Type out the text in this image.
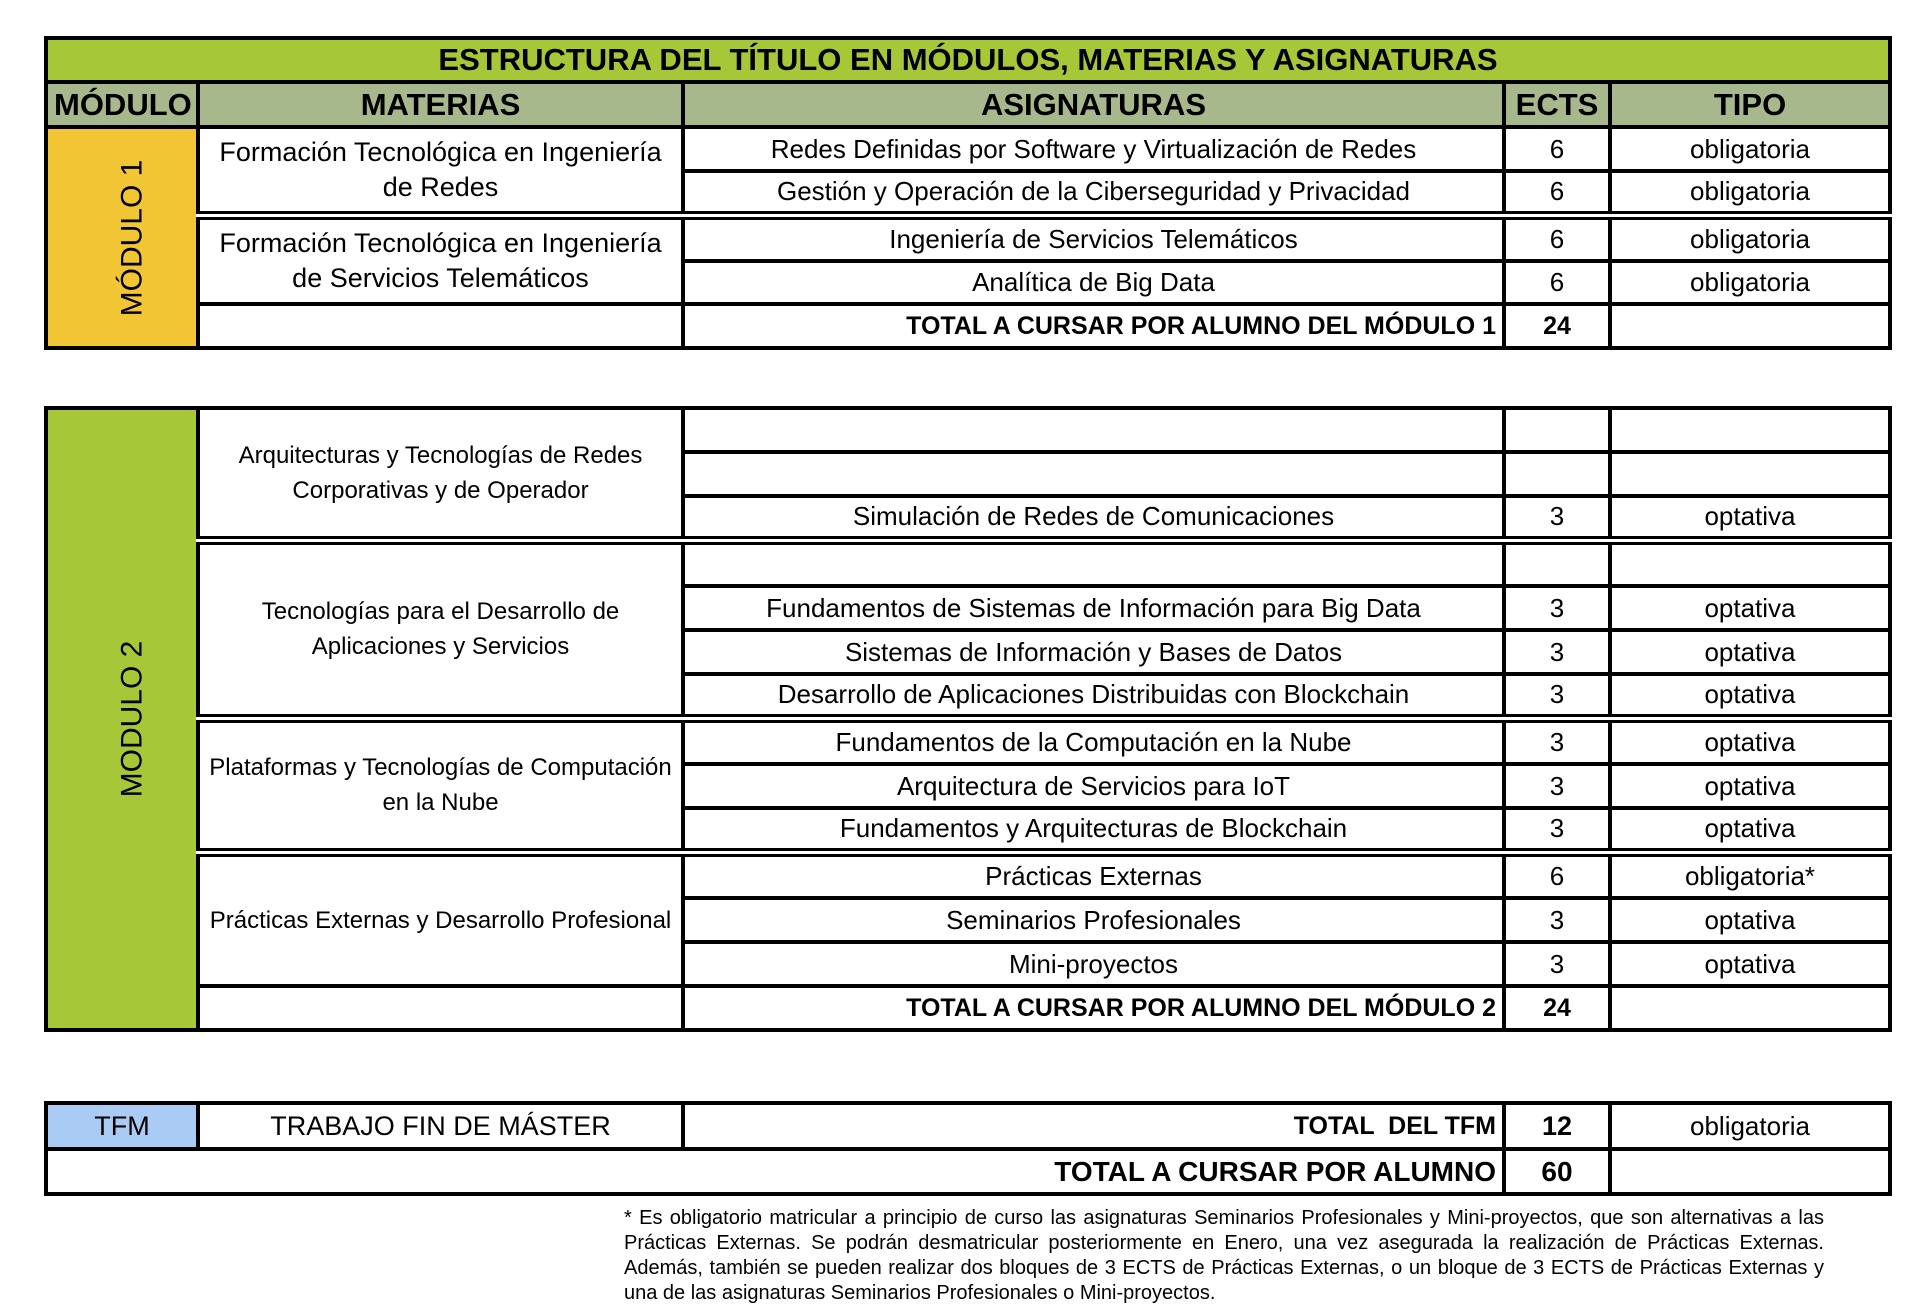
ESTRUCTURA DEL TÍTULO EN MÓDULOS, MATERIAS Y ASIGNATURAS				
MÓDULO	MATERIAS	ASIGNATURAS	ECTS	TIPO
MÓDULO 1	Formación Tecnológica en Ingeniería de Redes	Redes Definidas por Software y Virtualización de Redes	6	obligatoria
		Gestión y Operación de la Ciberseguridad y Privacidad	6	obligatoria
	Formación Tecnológica en Ingeniería de Servicios Telemáticos	Ingeniería de Servicios Telemáticos	6	obligatoria
		Analítica de Big Data	6	obligatoria
		TOTAL A CURSAR POR ALUMNO DEL MÓDULO 1	24	
MODULO 2	Arquitecturas y Tecnologías de Redes Corporativas y de Operador			

		Simulación de Redes de Comunicaciones	3	optativa
	Tecnologías para el Desarrollo de Aplicaciones y Servicios			
		Fundamentos de Sistemas de Información para Big Data	3	optativa
		Sistemas de Información y Bases de Datos	3	optativa
		Desarrollo de Aplicaciones Distribuidas con Blockchain	3	optativa
	Plataformas y Tecnologías de Computación en la Nube	Fundamentos de la Computación en la Nube	3	optativa
		Arquitectura de Servicios para IoT	3	optativa
		Fundamentos y Arquitecturas de Blockchain	3	optativa
	Prácticas Externas y Desarrollo Profesional	Prácticas Externas	6	obligatoria*
		Seminarios Profesionales	3	optativa
		Mini-proyectos	3	optativa
		TOTAL A CURSAR POR ALUMNO DEL MÓDULO 2	24	
TFM	TRABAJO FIN DE MÁSTER	TOTAL  DEL TFM	12	obligatoria
TOTAL A CURSAR POR ALUMNO			60	
* Es obligatorio matricular a principio de curso las asignaturas Seminarios Profesionales y Mini-proyectos, que son alternativas a las Prácticas Externas. Se podrán desmatricular posteriormente en Enero, una vez asegurada la realización de Prácticas Externas. Además, también se pueden realizar dos bloques de 3 ECTS de Prácticas Externas, o un bloque de 3 ECTS de Prácticas Externas y una de las asignaturas Seminarios Profesionales o Mini-proyectos.
